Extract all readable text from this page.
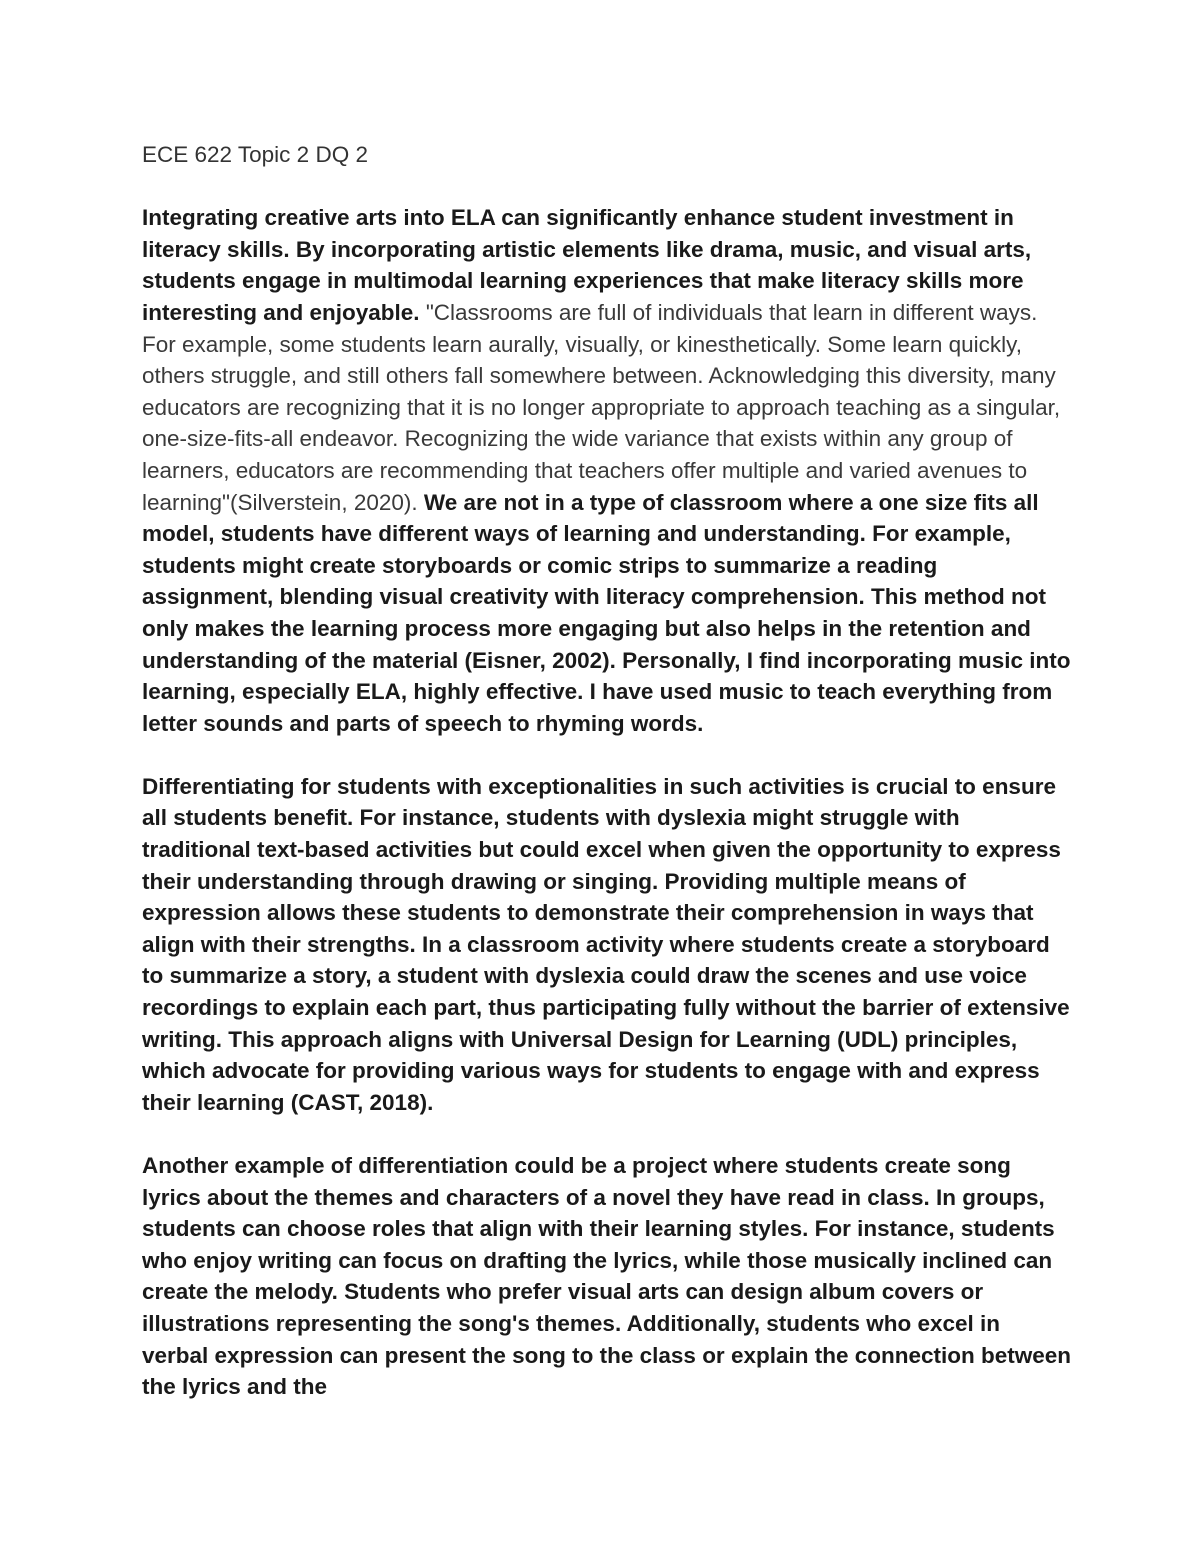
ECE 622 Topic 2 DQ 2

Integrating creative arts into ELA can significantly enhance student investment in literacy skills. By incorporating artistic elements like drama, music, and visual arts, students engage in multimodal learning experiences that make literacy skills more interesting and enjoyable. "Classrooms are full of individuals that learn in different ways. For example, some students learn aurally, visually, or kinesthetically. Some learn quickly, others struggle, and still others fall somewhere between. Acknowledging this diversity, many educators are recognizing that it is no longer appropriate to approach teaching as a singular, one-size-fits-all endeavor. Recognizing the wide variance that exists within any group of learners, educators are recommending that teachers offer multiple and varied avenues to learning"(Silverstein, 2020). We are not in a type of classroom where a one size fits all model, students have different ways of learning and understanding. For example, students might create storyboards or comic strips to summarize a reading assignment, blending visual creativity with literacy comprehension. This method not only makes the learning process more engaging but also helps in the retention and understanding of the material (Eisner, 2002). Personally, I find incorporating music into learning, especially ELA, highly effective. I have used music to teach everything from letter sounds and parts of speech to rhyming words.

Differentiating for students with exceptionalities in such activities is crucial to ensure all students benefit. For instance, students with dyslexia might struggle with traditional text-based activities but could excel when given the opportunity to express their understanding through drawing or singing. Providing multiple means of expression allows these students to demonstrate their comprehension in ways that align with their strengths. In a classroom activity where students create a storyboard to summarize a story, a student with dyslexia could draw the scenes and use voice recordings to explain each part, thus participating fully without the barrier of extensive writing. This approach aligns with Universal Design for Learning (UDL) principles, which advocate for providing various ways for students to engage with and express their learning (CAST, 2018).

Another example of differentiation could be a project where students create song lyrics about the themes and characters of a novel they have read in class. In groups, students can choose roles that align with their learning styles. For instance, students who enjoy writing can focus on drafting the lyrics, while those musically inclined can create the melody. Students who prefer visual arts can design album covers or illustrations representing the song's themes. Additionally, students who excel in verbal expression can present the song to the class or explain the connection between the lyrics and the
